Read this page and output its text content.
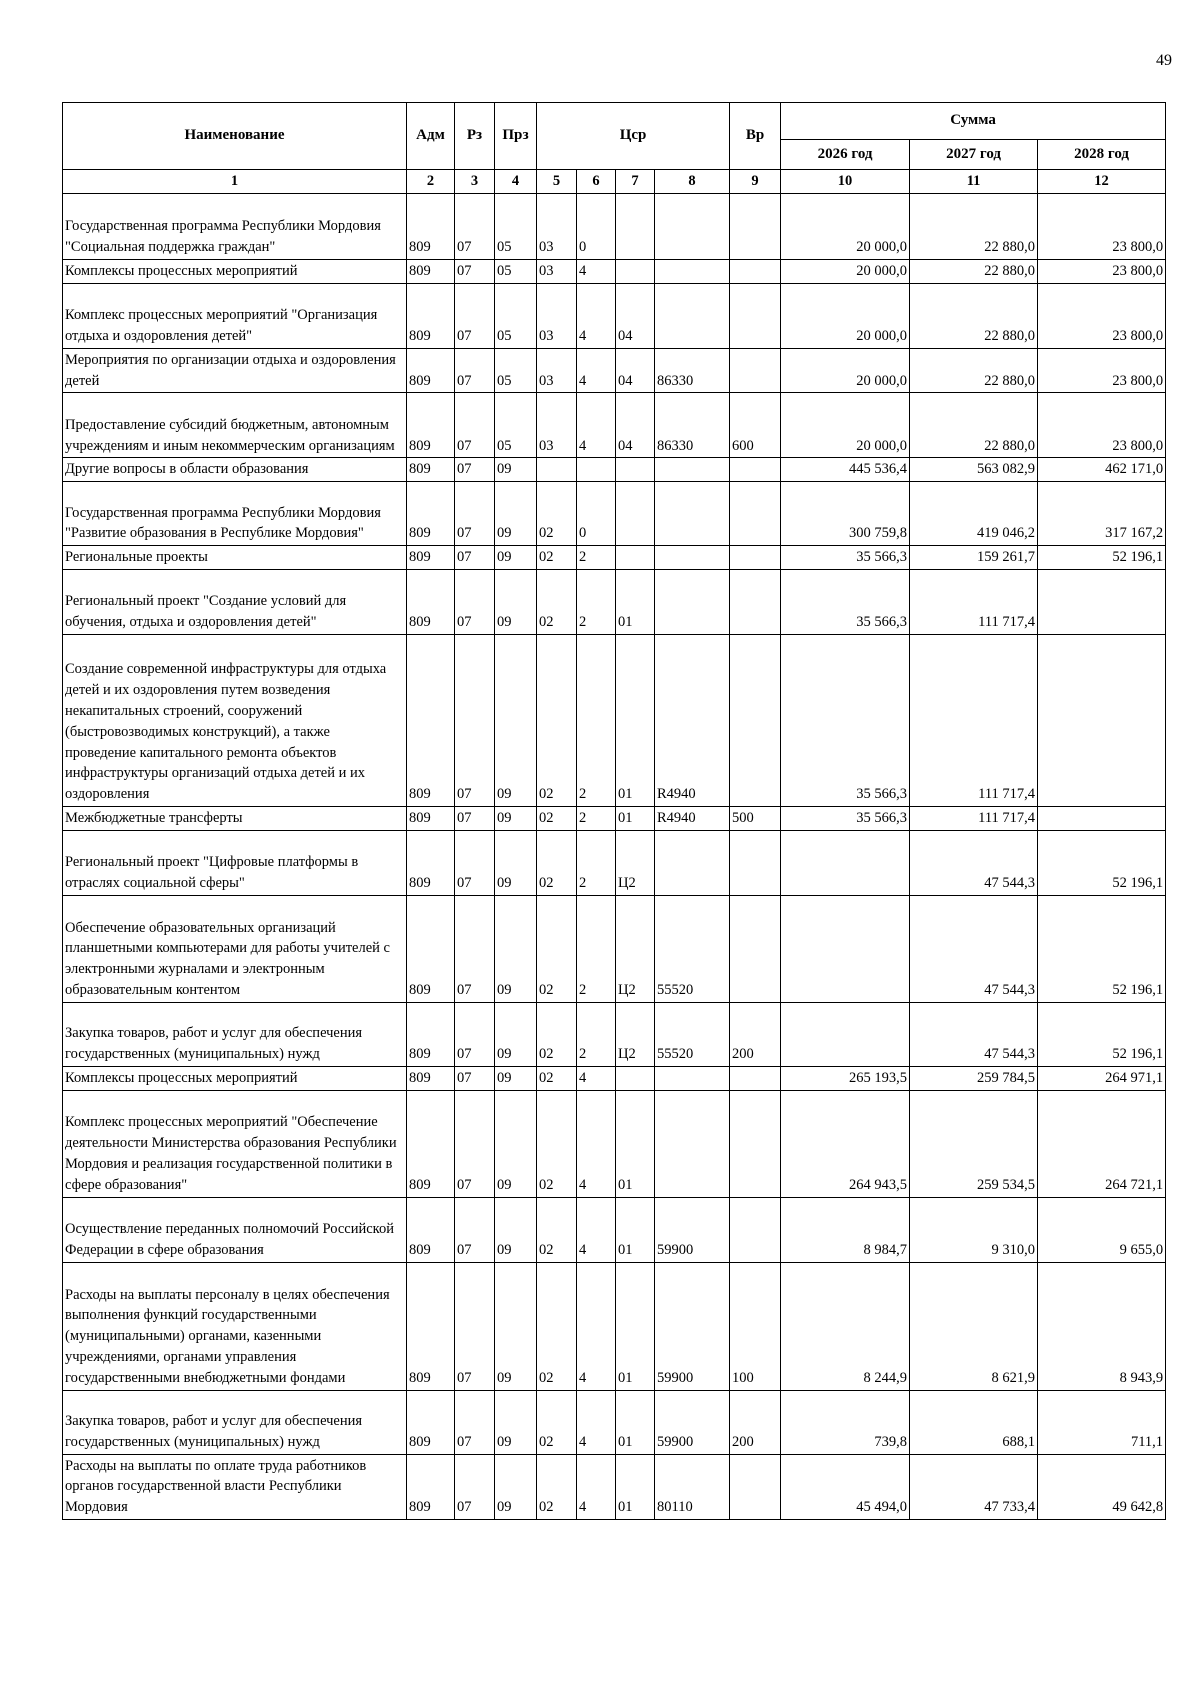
49
Наименование	Адм	Рз	Прз	Цср				Вр	Сумма		
									2026 год	2027 год	2028 год
1	2	3	4	5	6	7	8	9	10	11	12
Государственная программа Республики Мордовия "Социальная поддержка граждан"	809	07	05	03	0				20 000,0	22 880,0	23 800,0
Комплексы процессных мероприятий	809	07	05	03	4				20 000,0	22 880,0	23 800,0
Комплекс процессных мероприятий "Организация отдыха и оздоровления детей"	809	07	05	03	4	04			20 000,0	22 880,0	23 800,0
Мероприятия по организации отдыха и оздоровления детей	809	07	05	03	4	04	86330		20 000,0	22 880,0	23 800,0
Предоставление субсидий бюджетным, автономным учреждениям и иным некоммерческим организациям	809	07	05	03	4	04	86330	600	20 000,0	22 880,0	23 800,0
Другие вопросы в области образования	809	07	09						445 536,4	563 082,9	462 171,0
Государственная программа Республики Мордовия "Развитие образования в Республике Мордовия"	809	07	09	02	0				300 759,8	419 046,2	317 167,2
Региональные проекты	809	07	09	02	2				35 566,3	159 261,7	52 196,1
Региональный проект "Создание условий для обучения, отдыха и оздоровления детей"	809	07	09	02	2	01			35 566,3	111 717,4	
Создание современной инфраструктуры для отдыха детей и их оздоровления путем возведения некапитальных строений, сооружений (быстровозводимых конструкций), а также проведение капитального ремонта объектов инфраструктуры организаций отдыха детей и их оздоровления	809	07	09	02	2	01	R4940		35 566,3	111 717,4	
Межбюджетные трансферты	809	07	09	02	2	01	R4940	500	35 566,3	111 717,4	
Региональный проект "Цифровые платформы в отраслях социальной сферы"	809	07	09	02	2	Ц2				47 544,3	52 196,1
Обеспечение образовательных организаций планшетными компьютерами для работы учителей с электронными журналами и электронным образовательным контентом	809	07	09	02	2	Ц2	55520			47 544,3	52 196,1
Закупка товаров, работ и услуг для обеспечения государственных (муниципальных) нужд	809	07	09	02	2	Ц2	55520	200		47 544,3	52 196,1
Комплексы процессных мероприятий	809	07	09	02	4				265 193,5	259 784,5	264 971,1
Комплекс процессных мероприятий "Обеспечение деятельности Министерства образования Республики Мордовия и реализация государственной политики в сфере образования"	809	07	09	02	4	01			264 943,5	259 534,5	264 721,1
Осуществление переданных полномочий Российской Федерации в сфере образования	809	07	09	02	4	01	59900		8 984,7	9 310,0	9 655,0
Расходы на выплаты персоналу в целях обеспечения выполнения функций государственными (муниципальными) органами, казенными учреждениями, органами управления государственными внебюджетными фондами	809	07	09	02	4	01	59900	100	8 244,9	8 621,9	8 943,9
Закупка товаров, работ и услуг для обеспечения государственных (муниципальных) нужд	809	07	09	02	4	01	59900	200	739,8	688,1	711,1
Расходы на выплаты по оплате труда работников органов государственной власти Республики Мордовия	809	07	09	02	4	01	80110		45 494,0	47 733,4	49 642,8
